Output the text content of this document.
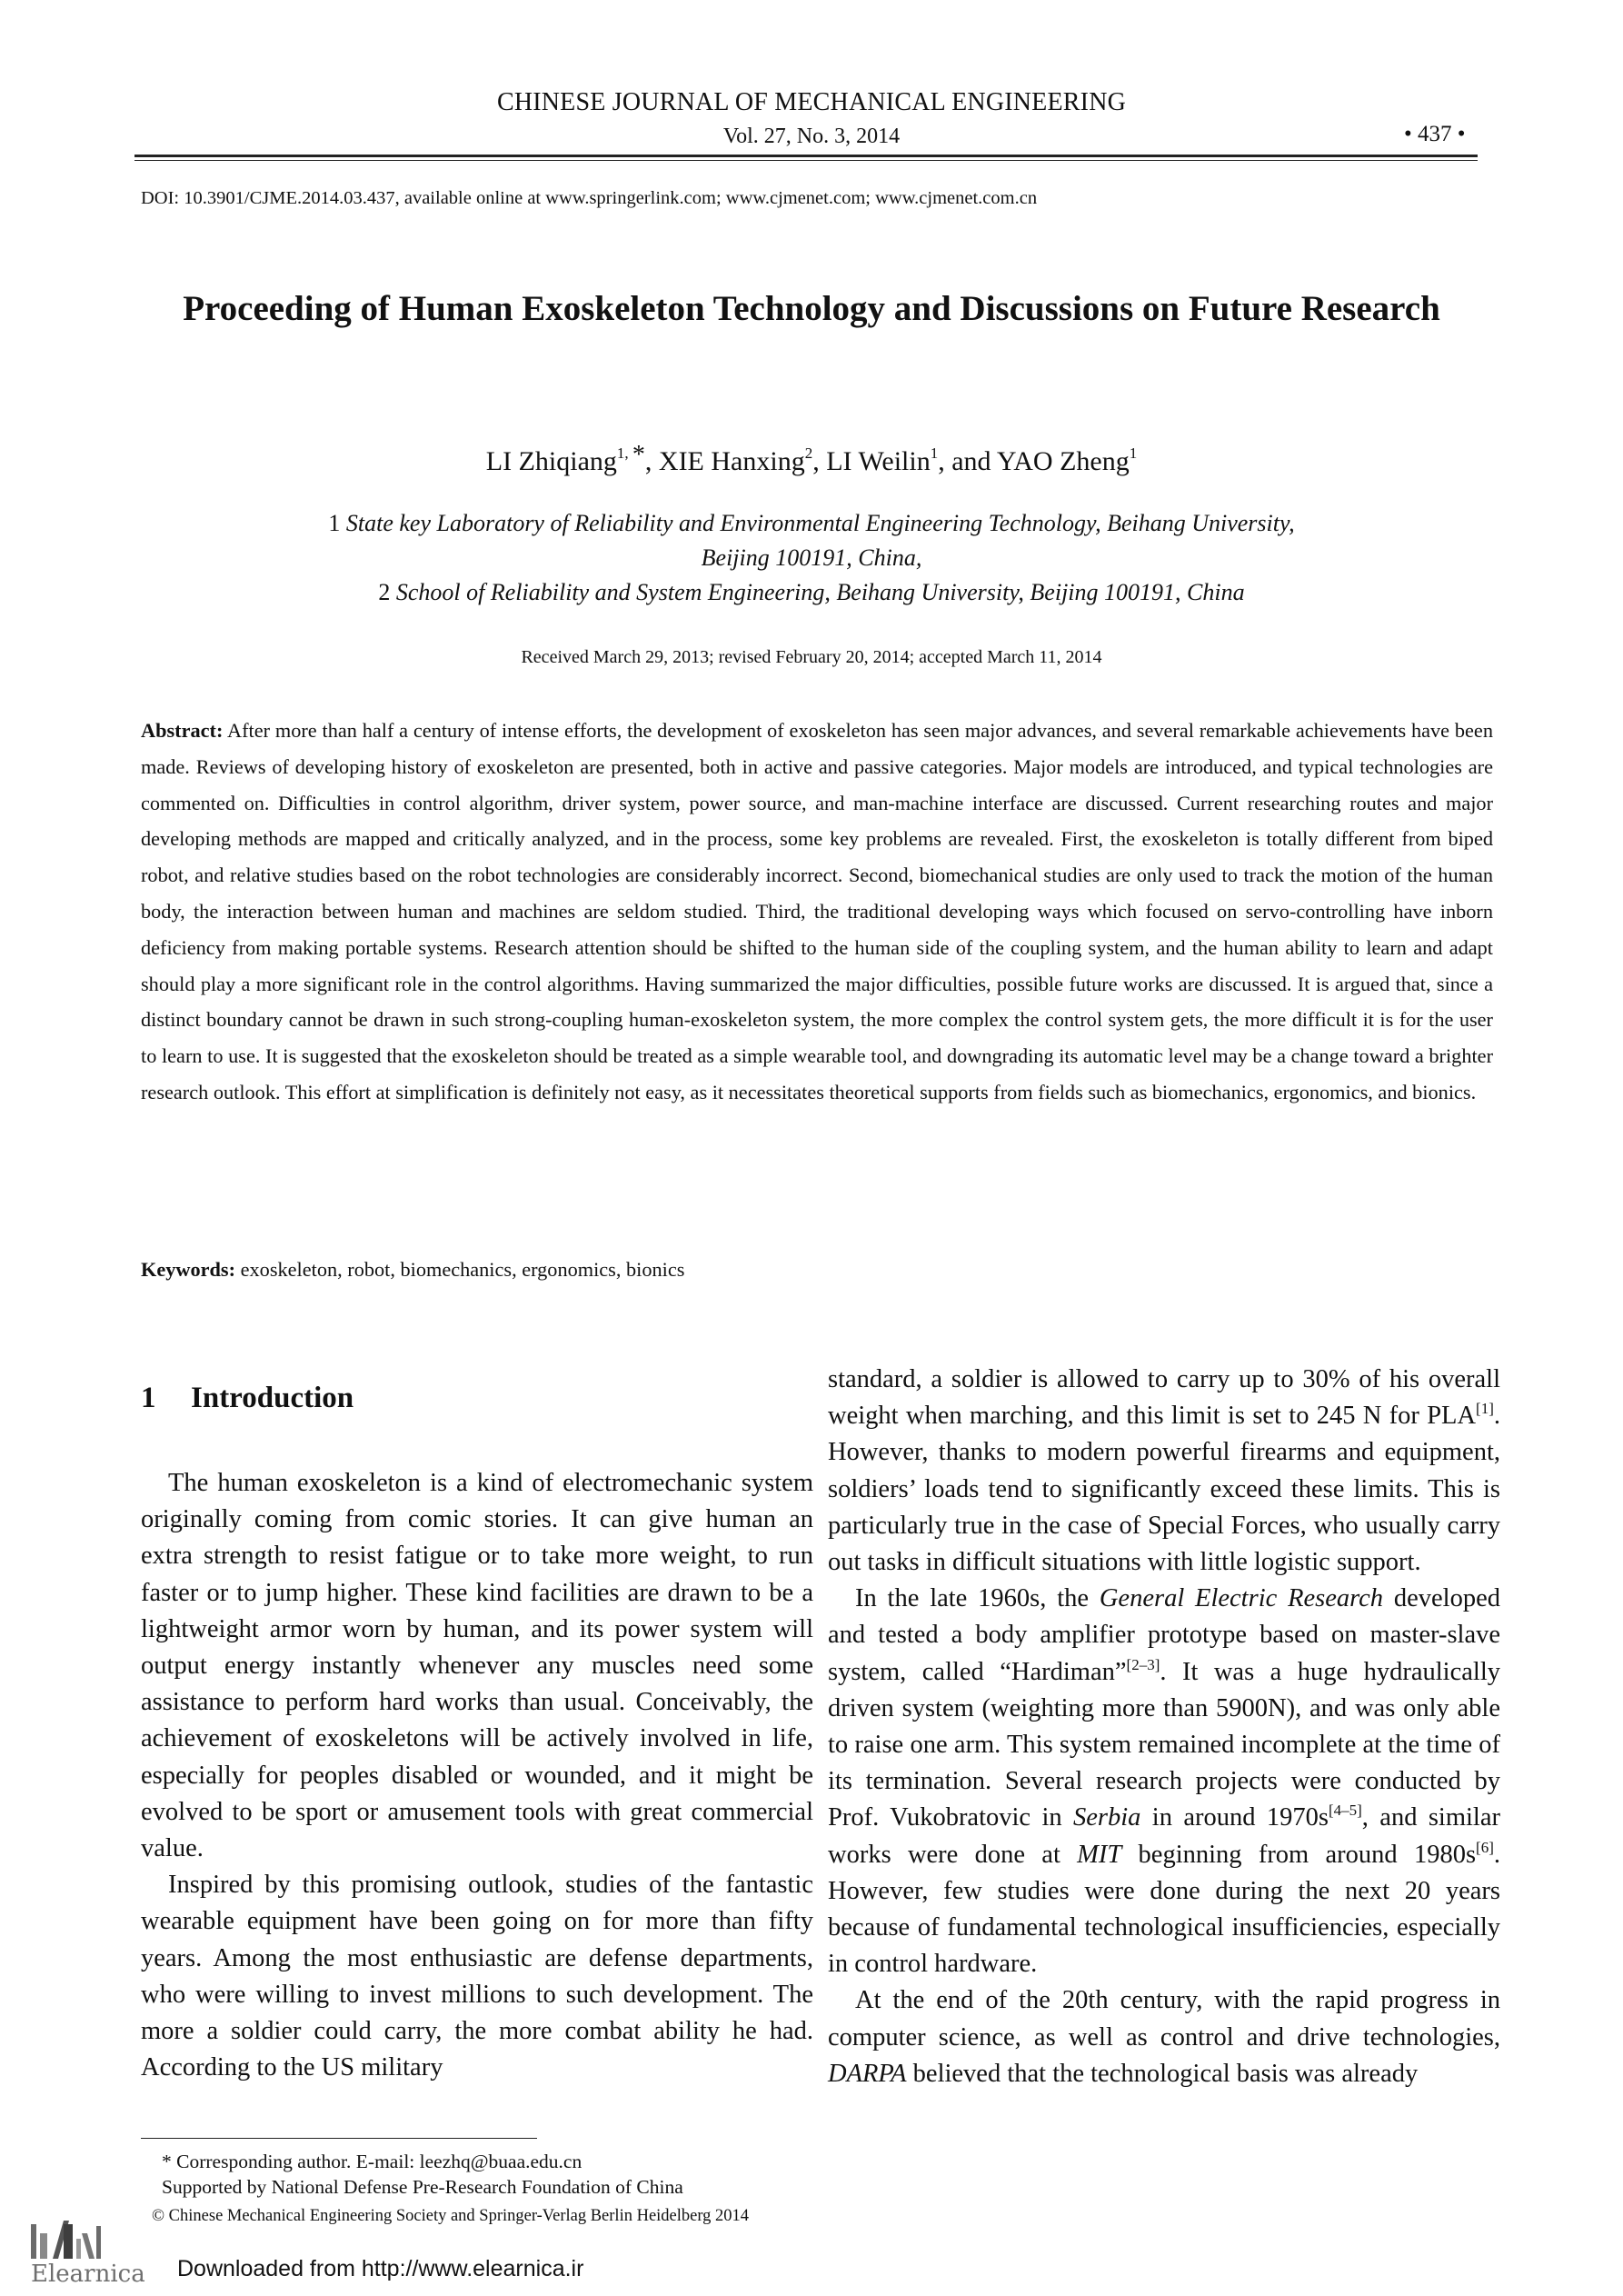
CHINESE JOURNAL OF MECHANICAL ENGINEERING
Vol. 27, No. 3, 2014	• 437 •
DOI: 10.3901/CJME.2014.03.437, available online at www.springerlink.com; www.cjmenet.com; www.cjmenet.com.cn
Proceeding of Human Exoskeleton Technology and Discussions on Future Research
LI Zhiqiang$^{1,}$ *, XIE Hanxing$^2$, LI Weilin$^1$, and YAO Zheng$^1$
1 State key Laboratory of Reliability and Environmental Engineering Technology, Beihang University,
Beijing 100191, China,
2 School of Reliability and System Engineering, Beihang University, Beijing 100191, China
Received March 29, 2013; revised February 20, 2014; accepted March 11, 2014
Abstract: After more than half a century of intense efforts, the development of exoskeleton has seen major advances, and several remarkable achievements have been made. Reviews of developing history of exoskeleton are presented, both in active and passive categories. Major models are introduced, and typical technologies are commented on. Difficulties in control algorithm, driver system, power source, and man-machine interface are discussed. Current researching routes and major developing methods are mapped and critically analyzed, and in the process, some key problems are revealed. First, the exoskeleton is totally different from biped robot, and relative studies based on the robot technologies are considerably incorrect. Second, biomechanical studies are only used to track the motion of the human body, the interaction between human and machines are seldom studied. Third, the traditional developing ways which focused on servo-controlling have inborn deficiency from making portable systems. Research attention should be shifted to the human side of the coupling system, and the human ability to learn and adapt should play a more significant role in the control algorithms. Having summarized the major difficulties, possible future works are discussed. It is argued that, since a distinct boundary cannot be drawn in such strong-coupling human-exoskeleton system, the more complex the control system gets, the more difficult it is for the user to learn to use. It is suggested that the exoskeleton should be treated as a simple wearable tool, and downgrading its automatic level may be a change toward a brighter research outlook. This effort at simplification is definitely not easy, as it necessitates theoretical supports from fields such as biomechanics, ergonomics, and bionics.
Keywords: exoskeleton, robot, biomechanics, ergonomics, bionics
1 Introduction

The human exoskeleton is a kind of electromechanic system originally coming from comic stories. It can give human an extra strength to resist fatigue or to take more weight, to run faster or to jump higher. These kind facilities are drawn to be a lightweight armor worn by human, and its power system will output energy instantly whenever any muscles need some assistance to perform hard works than usual. Conceivably, the achievement of exoskeletons will be actively involved in life, especially for peoples disabled or wounded, and it might be evolved to be sport or amusement tools with great commercial value.

Inspired by this promising outlook, studies of the fantastic wearable equipment have been going on for more than fifty years. Among the most enthusiastic are defense departments, who were willing to invest millions to such development. The more a soldier could carry, the more combat ability he had. According to the US military

standard, a soldier is allowed to carry up to 30% of his overall weight when marching, and this limit is set to 245 N for PLA[1]. However, thanks to modern powerful firearms and equipment, soldiers’ loads tend to significantly exceed these limits. This is particularly true in the case of Special Forces, who usually carry out tasks in difficult situations with little logistic support.

In the late 1960s, the General Electric Research developed and tested a body amplifier prototype based on master-slave system, called “Hardiman”[2–3]. It was a huge hydraulically driven system (weighting more than 5900N), and was only able to raise one arm. This system remained incomplete at the time of its termination. Several research projects were conducted by Prof. Vukobratovic in Serbia in around 1970s[4–5], and similar works were done at MIT beginning from around 1980s[6]. However, few studies were done during the next 20 years because of fundamental technological insufficiencies, especially in control hardware.

At the end of the 20th century, with the rapid progress in computer science, as well as control and drive technologies, DARPA believed that the technological basis was already

* Corresponding author. E-mail: leezhq@buaa.edu.cn
Supported by National Defense Pre-Research Foundation of China
© Chinese Mechanical Engineering Society and Springer-Verlag Berlin Heidelberg 2014
Elearnica Downloaded from http://www.elearnica.ir
